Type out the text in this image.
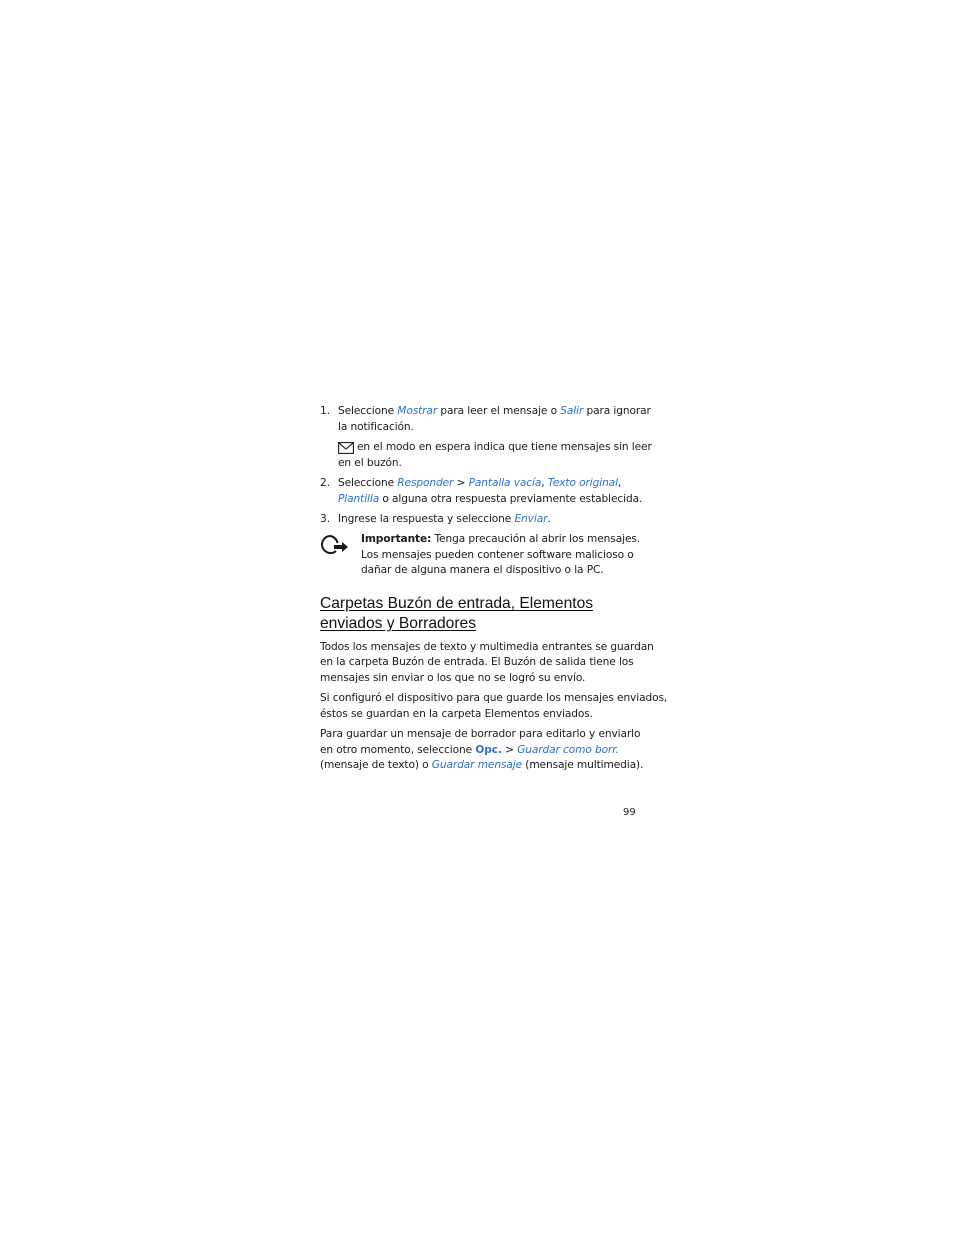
1. Seleccione Mostrar para leer el mensaje o Salir para ignorar
la notificación.
en el modo en espera indica que tiene mensajes sin leer
en el buzón.
2. Seleccione Responder > Pantalla vacía, Texto original,
Plantilla o alguna otra respuesta previamente establecida.
3. Ingrese la respuesta y seleccione Enviar.
Importante: Tenga precaución al abrir los mensajes.
Los mensajes pueden contener software malicioso o
dañar de alguna manera el dispositivo o la PC.
Carpetas Buzón de entrada, Elementos
enviados y Borradores
Todos los mensajes de texto y multimedia entrantes se guardan
en la carpeta Buzón de entrada. El Buzón de salida tiene los
mensajes sin enviar o los que no se logró su envío.
Si configuró el dispositivo para que guarde los mensajes enviados,
éstos se guardan en la carpeta Elementos enviados.
Para guardar un mensaje de borrador para editarlo y enviarlo
en otro momento, seleccione Opc. > Guardar como borr.
(mensaje de texto) o Guardar mensaje (mensaje multimedia).
99
